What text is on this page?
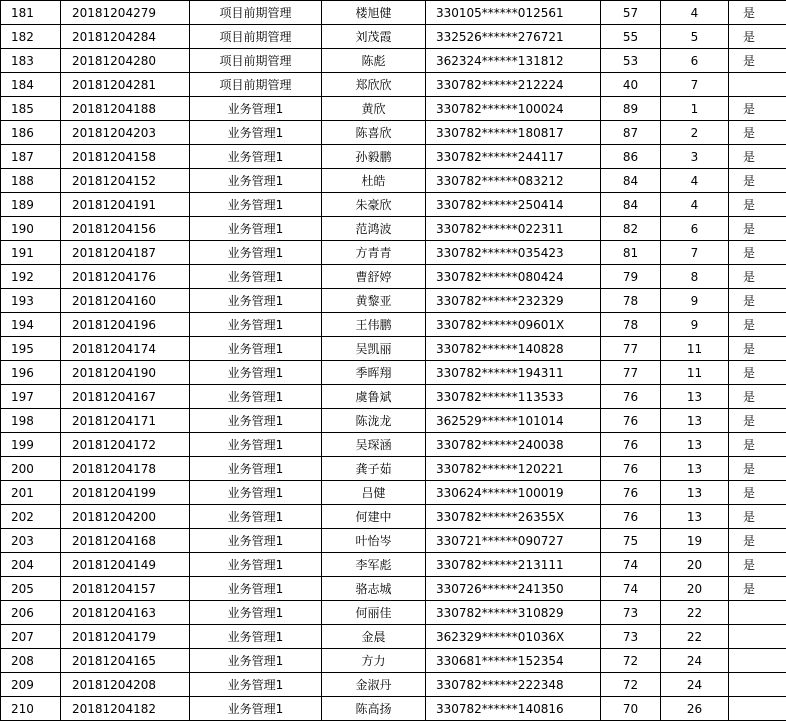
181	20181204279	项目前期管理	楼旭健	330105******012561	57	4	是
182	20181204284	项目前期管理	刘茂霞	332526******276721	55	5	是
183	20181204280	项目前期管理	陈彪	362324******131812	53	6	是
184	20181204281	项目前期管理	郑欣欣	330782******212224	40	7	
185	20181204188	业务管理1	黄欣	330782******100024	89	1	是
186	20181204203	业务管理1	陈喜欣	330782******180817	87	2	是
187	20181204158	业务管理1	孙毅鹏	330782******244117	86	3	是
188	20181204152	业务管理1	杜皓	330782******083212	84	4	是
189	20181204191	业务管理1	朱豪欣	330782******250414	84	4	是
190	20181204156	业务管理1	范鸿波	330782******022311	82	6	是
191	20181204187	业务管理1	方青青	330782******035423	81	7	是
192	20181204176	业务管理1	曹舒婷	330782******080424	79	8	是
193	20181204160	业务管理1	黄黎亚	330782******232329	78	9	是
194	20181204196	业务管理1	王伟鹏	330782******09601X	78	9	是
195	20181204174	业务管理1	吴凯丽	330782******140828	77	11	是
196	20181204190	业务管理1	季晖翔	330782******194311	77	11	是
197	20181204167	业务管理1	虞鲁斌	330782******113533	76	13	是
198	20181204171	业务管理1	陈泷龙	362529******101014	76	13	是
199	20181204172	业务管理1	吴琛涵	330782******240038	76	13	是
200	20181204178	业务管理1	龚子茹	330782******120221	76	13	是
201	20181204199	业务管理1	吕健	330624******100019	76	13	是
202	20181204200	业务管理1	何建中	330782******26355X	76	13	是
203	20181204168	业务管理1	叶怡岑	330721******090727	75	19	是
204	20181204149	业务管理1	李军彪	330782******213111	74	20	是
205	20181204157	业务管理1	骆志城	330726******241350	74	20	是
206	20181204163	业务管理1	何丽佳	330782******310829	73	22	
207	20181204179	业务管理1	金晨	362329******01036X	73	22	
208	20181204165	业务管理1	方力	330681******152354	72	24	
209	20181204208	业务管理1	金淑丹	330782******222348	72	24	
210	20181204182	业务管理1	陈高扬	330782******140816	70	26	
